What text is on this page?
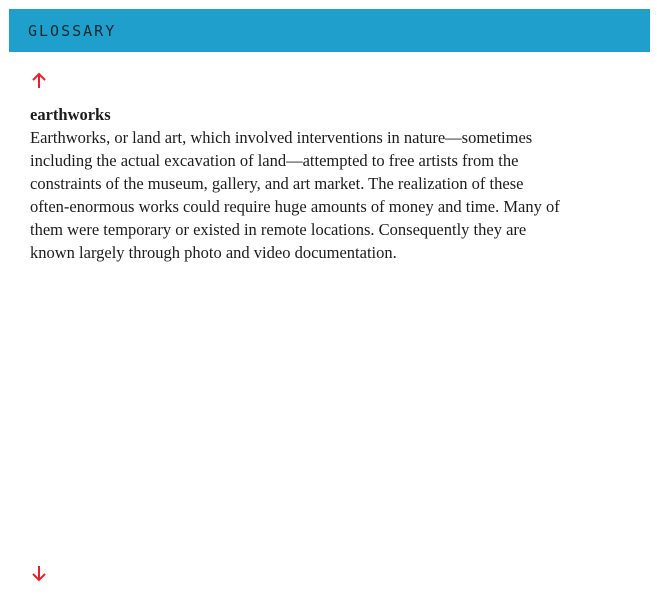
GLOSSARY

earthworks

Earthworks, or land art, which involved interventions in nature—sometimes
including the actual excavation of land—attempted to free artists from the
constraints of the museum, gallery, and art market. The realization of these
often-enormous works could require huge amounts of money and time. Many of
them were temporary or existed in remote locations. Consequently they are
known largely through photo and video documentation.
